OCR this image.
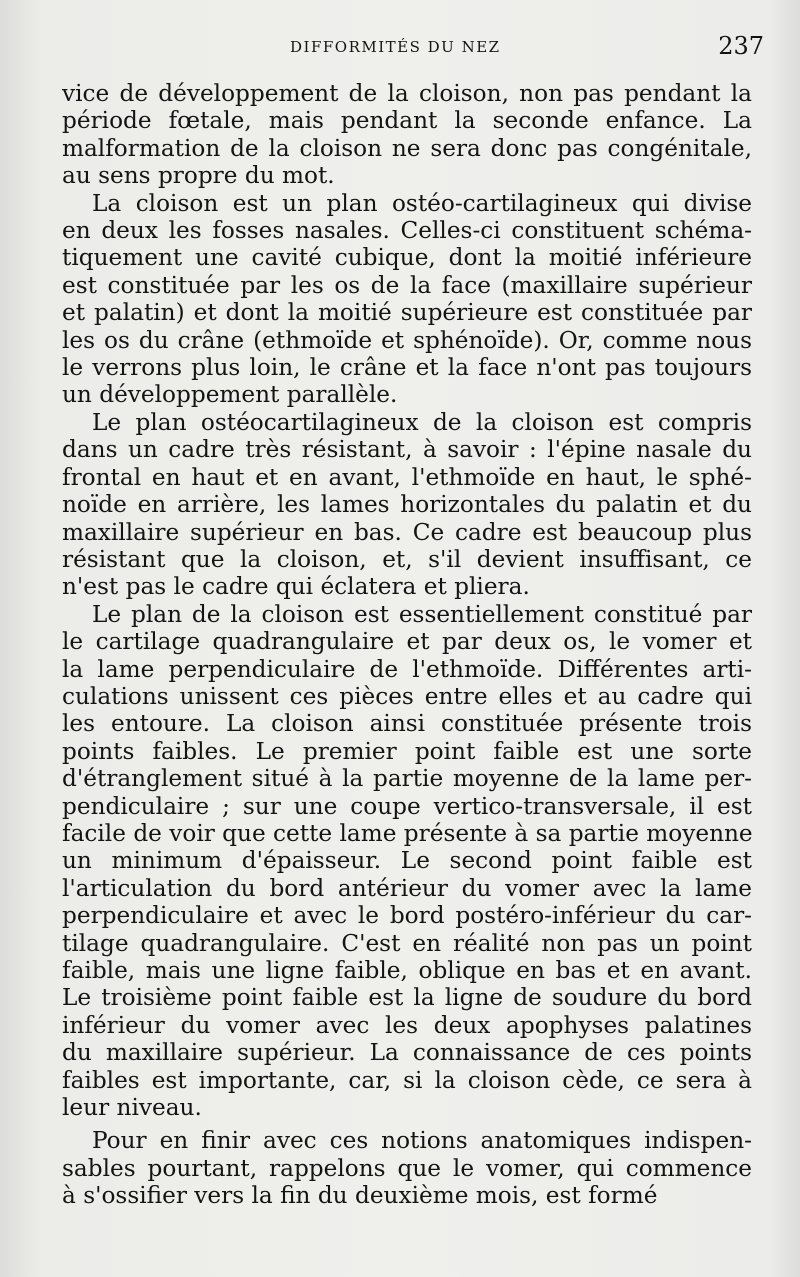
DIFFORMITÉS DU NEZ	237
vice de développement de la cloison, non pas pendant la
période fœtale, mais pendant la seconde enfance. La
malformation de la cloison ne sera donc pas congénitale,
au sens propre du mot.
La cloison est un plan ostéo-cartilagineux qui divise
en deux les fosses nasales. Celles-ci constituent schéma-
tiquement une cavité cubique, dont la moitié inférieure
est constituée par les os de la face (maxillaire supérieur
et palatin) et dont la moitié supérieure est constituée par
les os du crâne (ethmoïde et sphénoïde). Or, comme nous
le verrons plus loin, le crâne et la face n'ont pas toujours
un développement parallèle.
Le plan ostéocartilagineux de la cloison est compris
dans un cadre très résistant, à savoir : l'épine nasale du
frontal en haut et en avant, l'ethmoïde en haut, le sphé-
noïde en arrière, les lames horizontales du palatin et du
maxillaire supérieur en bas. Ce cadre est beaucoup plus
résistant que la cloison, et, s'il devient insuffisant, ce
n'est pas le cadre qui éclatera et pliera.
Le plan de la cloison est essentiellement constitué par
le cartilage quadrangulaire et par deux os, le vomer et
la lame perpendiculaire de l'ethmoïde. Différentes arti-
culations unissent ces pièces entre elles et au cadre qui
les entoure. La cloison ainsi constituée présente trois
points faibles. Le premier point faible est une sorte
d'étranglement situé à la partie moyenne de la lame per-
pendiculaire ; sur une coupe vertico-transversale, il est
facile de voir que cette lame présente à sa partie moyenne
un minimum d'épaisseur. Le second point faible est
l'articulation du bord antérieur du vomer avec la lame
perpendiculaire et avec le bord postéro-inférieur du car-
tilage quadrangulaire. C'est en réalité non pas un point
faible, mais une ligne faible, oblique en bas et en avant.
Le troisième point faible est la ligne de soudure du bord
inférieur du vomer avec les deux apophyses palatines
du maxillaire supérieur. La connaissance de ces points
faibles est importante, car, si la cloison cède, ce sera à
leur niveau.
Pour en finir avec ces notions anatomiques indispen-
sables pourtant, rappelons que le vomer, qui commence
à s'ossifier vers la fin du deuxième mois, est formé
